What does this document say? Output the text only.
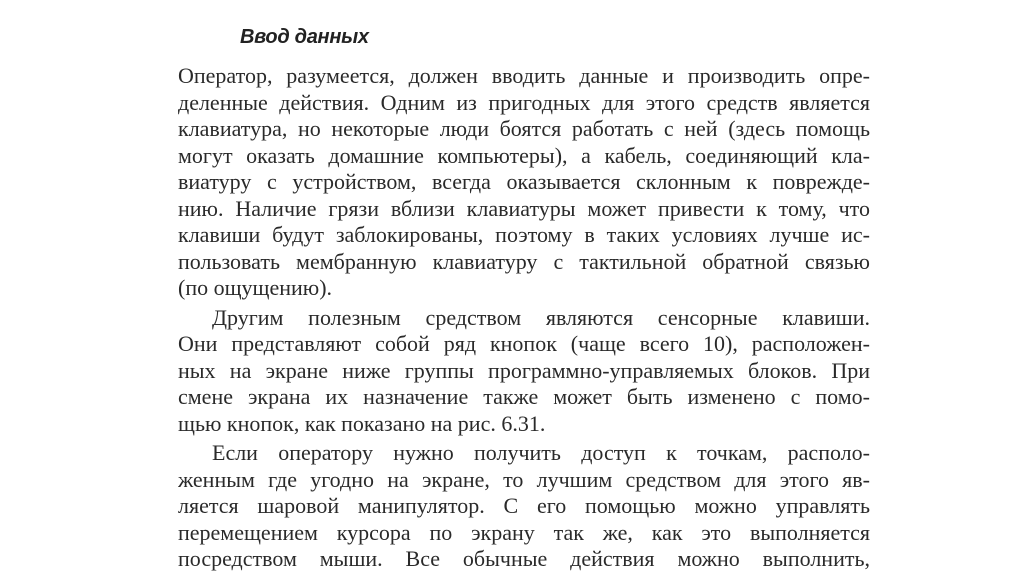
Ввод данных
Оператор, разумеется, должен вводить данные и производить опре-
деленные действия. Одним из пригодных для этого средств является
клавиатура, но некоторые люди боятся работать с ней (здесь помощь
могут оказать домашние компьютеры), а кабель, соединяющий кла-
виатуру с устройством, всегда оказывается склонным к поврежде-
нию. Наличие грязи вблизи клавиатуры может привести к тому, что
клавиши будут заблокированы, поэтому в таких условиях лучше ис-
пользовать мембранную клавиатуру с тактильной обратной связью
(по ощущению).
Другим полезным средством являются сенсорные клавиши.
Они представляют собой ряд кнопок (чаще всего 10), расположен-
ных на экране ниже группы программно-управляемых блоков. При
смене экрана их назначение также может быть изменено с помо-
щью кнопок, как показано на рис. 6.31.
Если оператору нужно получить доступ к точкам, располо-
женным где угодно на экране, то лучшим средством для этого яв-
ляется шаровой манипулятор. С его помощью можно управлять
перемещением курсора по экрану так же, как это выполняется
посредством мыши. Все обычные действия можно выполнить,
